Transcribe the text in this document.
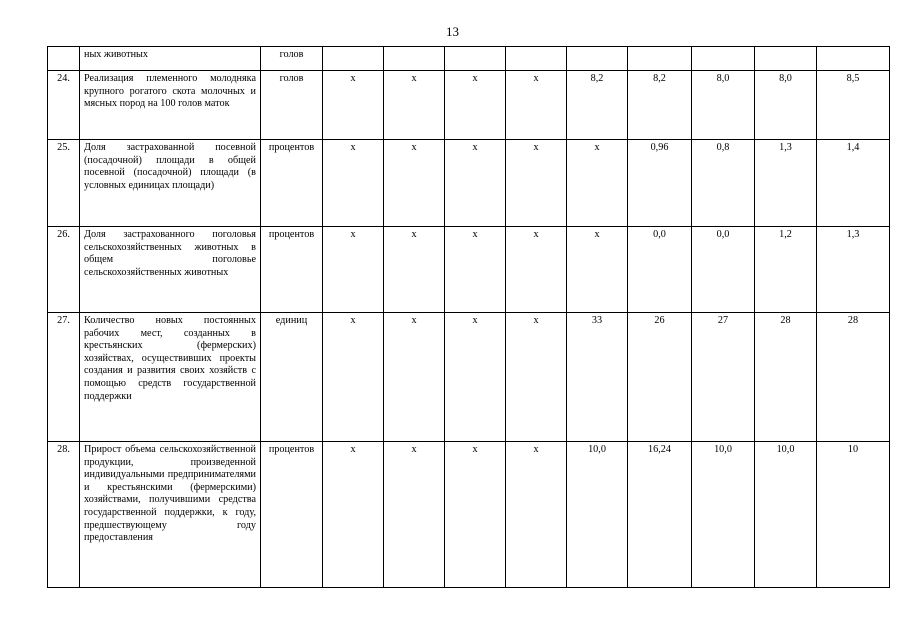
13
	ных животных	голов									
24.	Реализация племенного молодняка крупного рогатого скота молочных и мясных пород на 100 голов маток	голов	x	x	x	x	8,2	8,2	8,0	8,0	8,5
25.	Доля застрахованной посевной (посадочной) площади в общей посевной (посадочной) площади (в условных единицах площади)	процентов	x	x	x	x	x	0,96	0,8	1,3	1,4
26.	Доля застрахованного поголовья сельскохозяйственных животных в общем поголовье сельскохозяйственных животных	процентов	x	x	x	x	x	0,0	0,0	1,2	1,3
27.	Количество новых постоянных рабочих мест, созданных в крестьянских (фермерских) хозяйствах, осуществивших проекты создания и развития своих хозяйств с помощью средств государственной поддержки	единиц	x	x	x	x	33	26	27	28	28
28.	Прирост объема сельскохозяйственной продукции, произведенной индивидуальными предпринимателями и крестьянскими (фермерскими) хозяйствами, получившими средства государственной поддержки, к году, предшествующему году предоставления	процентов	x	x	x	x	10,0	16,24	10,0	10,0	10
